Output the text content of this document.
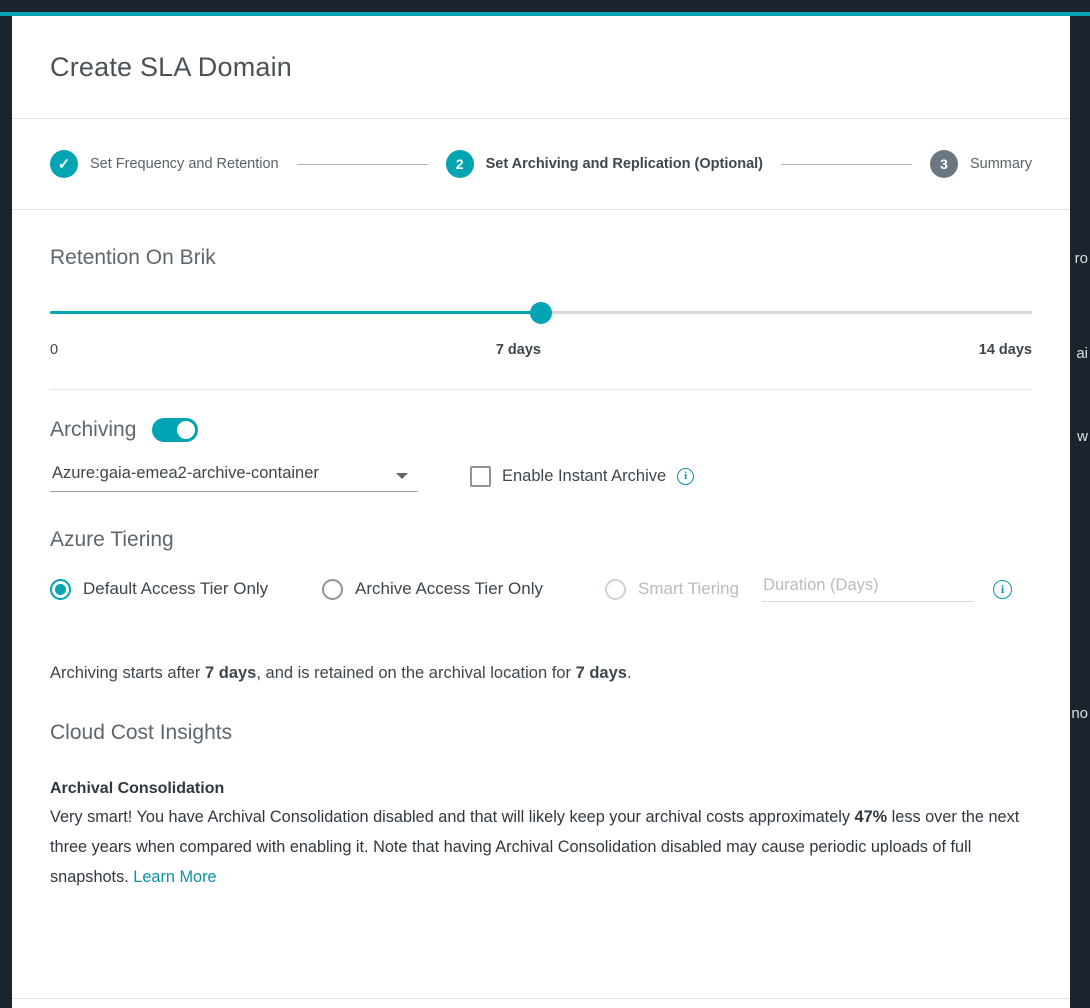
ro
ai
w
no
Create SLA Domain
✓	Set Frequency and Retention	2	Set Archiving and Replication (Optional)	3	Summary
Retention On Brik
0	7 days	14 days
Archiving
Azure:gaia-emea2-archive-container	Enable Instant Archive	i
Azure Tiering
Default Access Tier Only	Archive Access Tier Only	Smart Tiering Duration (Days)	i
Archiving starts after 7 days, and is retained on the archival location for 7 days.
Cloud Cost Insights
Archival Consolidation
Very smart! You have Archival Consolidation disabled and that will likely keep your archival costs approximately 47% less over the next three years when compared with enabling it. Note that having Archival Consolidation disabled may cause periodic uploads of full snapshots. Learn More
